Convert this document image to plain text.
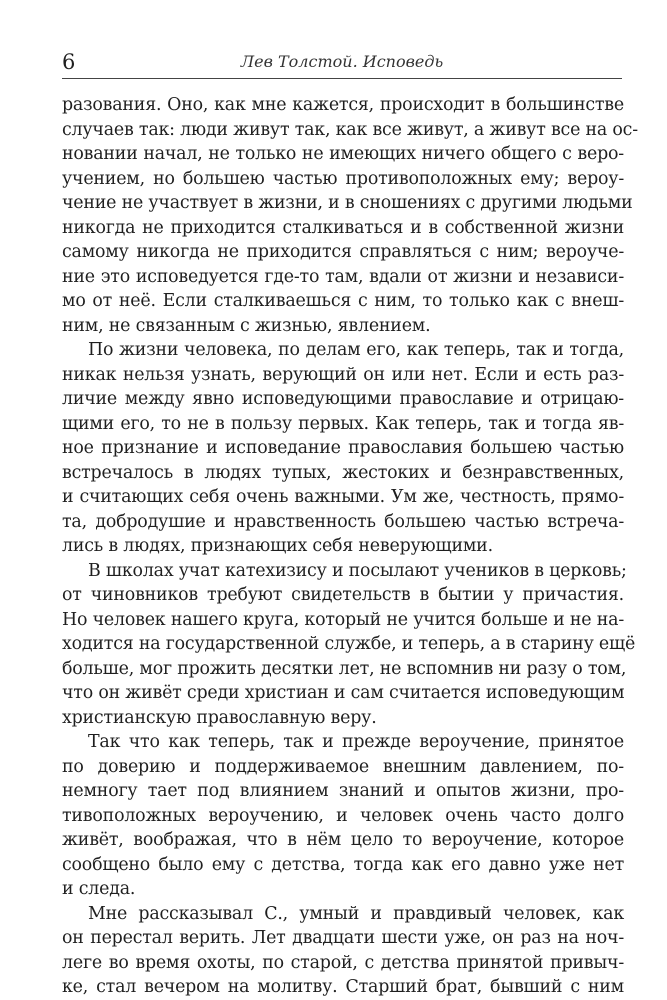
6	Лев Толстой. Исповедь
разования. Оно, как мне кажется, происходит в большинстве
случаев так: люди живут так, как все живут, а живут все на ос-
новании начал, не только не имеющих ничего общего с веро-
учением, но большею частью противоположных ему; вероу-
чение не участвует в жизни, и в сношениях с другими людьми
никогда не приходится сталкиваться и в собственной жизни
самому никогда не приходится справляться с ним; вероуче-
ние это исповедуется где-то там, вдали от жизни и независи-
мо от неё. Если сталкиваешься с ним, то только как с внеш-
ним, не связанным с жизнью, явлением.
По жизни человека, по делам его, как теперь, так и тогда,
никак нельзя узнать, верующий он или нет. Если и есть раз-
личие между явно исповедующими православие и отрицаю-
щими его, то не в пользу первых. Как теперь, так и тогда яв-
ное признание и исповедание православия большею частью
встречалось в людях тупых, жестоких и безнравственных,
и считающих себя очень важными. Ум же, честность, прямо-
та, добродушие и нравственность большею частью встреча-
лись в людях, признающих себя неверующими.
В школах учат катехизису и посылают учеников в церковь;
от чиновников требуют свидетельств в бытии у причастия.
Но человек нашего круга, который не учится больше и не на-
ходится на государственной службе, и теперь, а в старину ещё
больше, мог прожить десятки лет, не вспомнив ни разу о том,
что он живёт среди христиан и сам считается исповедующим
христианскую православную веру.
Так что как теперь, так и прежде вероучение, принятое
по доверию и поддерживаемое внешним давлением, по-
немногу тает под влиянием знаний и опытов жизни, про-
тивоположных вероучению, и человек очень часто долго
живёт, воображая, что в нём цело то вероучение, которое
сообщено было ему с детства, тогда как его давно уже нет
и следа.
Мне рассказывал С., умный и правдивый человек, как
он перестал верить. Лет двадцати шести уже, он раз на ноч-
леге во время охоты, по старой, с детства принятой привыч-
ке, стал вечером на молитву. Старший брат, бывший с ним
